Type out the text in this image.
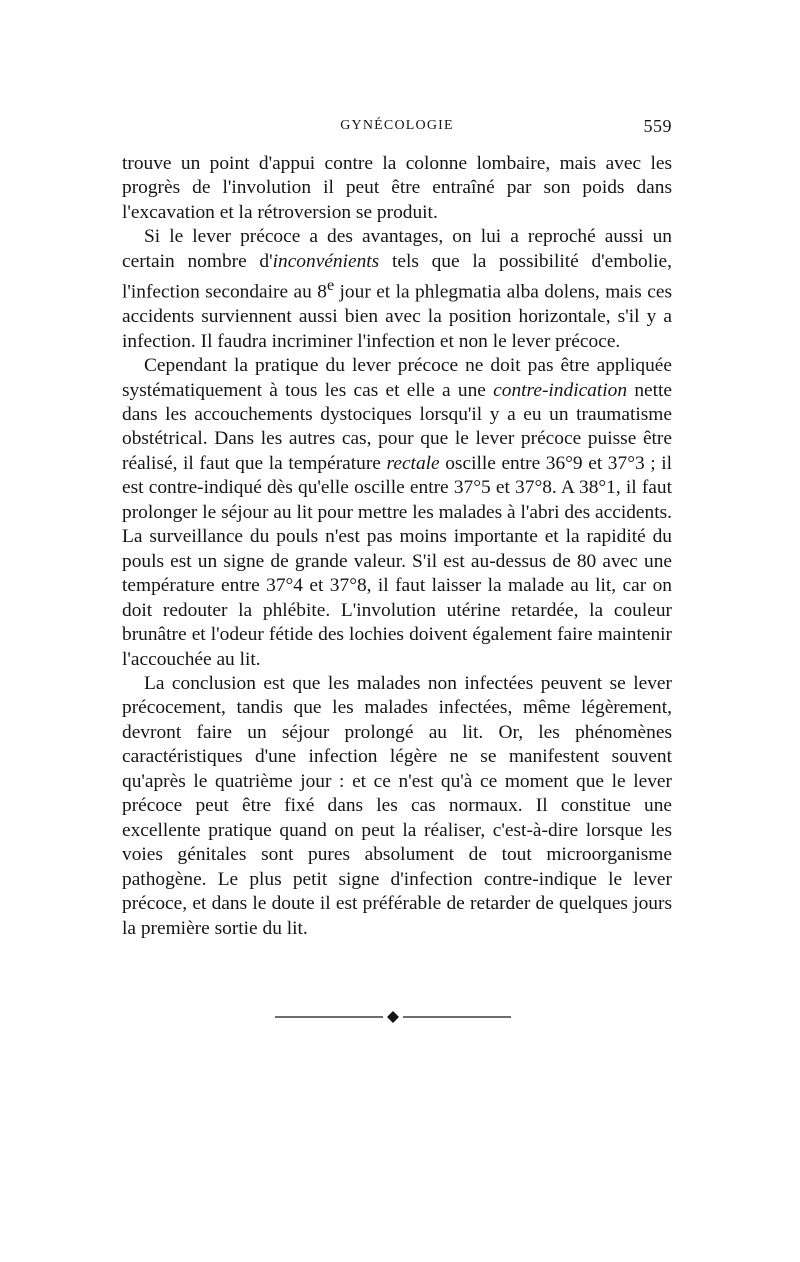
GYNÉCOLOGIE	559

trouve un point d'appui contre la colonne lombaire, mais avec les progrès de l'involution il peut être entraîné par son poids dans l'excavation et la rétroversion se produit.

Si le lever précoce a des avantages, on lui a reproché aussi un certain nombre d'inconvénients tels que la possibilité d'embolie, l'infection secondaire au 8e jour et la phlegmatia alba dolens, mais ces accidents surviennent aussi bien avec la position horizontale, s'il y a infection. Il faudra incriminer l'infection et non le lever précoce.

Cependant la pratique du lever précoce ne doit pas être appliquée systématiquement à tous les cas et elle a une contre-indication nette dans les accouchements dystociques lorsqu'il y a eu un traumatisme obstétrical. Dans les autres cas, pour que le lever précoce puisse être réalisé, il faut que la température rectale oscille entre 36°9 et 37°3 ; il est contre-indiqué dès qu'elle oscille entre 37°5 et 37°8. A 38°1, il faut prolonger le séjour au lit pour mettre les malades à l'abri des accidents. La surveillance du pouls n'est pas moins importante et la rapidité du pouls est un signe de grande valeur. S'il est au-dessus de 80 avec une température entre 37°4 et 37°8, il faut laisser la malade au lit, car on doit redouter la phlébite. L'involution utérine retardée, la couleur brunâtre et l'odeur fétide des lochies doivent également faire maintenir l'accouchée au lit.

La conclusion est que les malades non infectées peuvent se lever précocement, tandis que les malades infectées, même légèrement, devront faire un séjour prolongé au lit. Or, les phénomènes caractéristiques d'une infection légère ne se manifestent souvent qu'après le quatrième jour : et ce n'est qu'à ce moment que le lever précoce peut être fixé dans les cas normaux. Il constitue une excellente pratique quand on peut la réaliser, c'est-à-dire lorsque les voies génitales sont pures absolument de tout microorganisme pathogène. Le plus petit signe d'infection contre-indique le lever précoce, et dans le doute il est préférable de retarder de quelques jours la première sortie du lit.
